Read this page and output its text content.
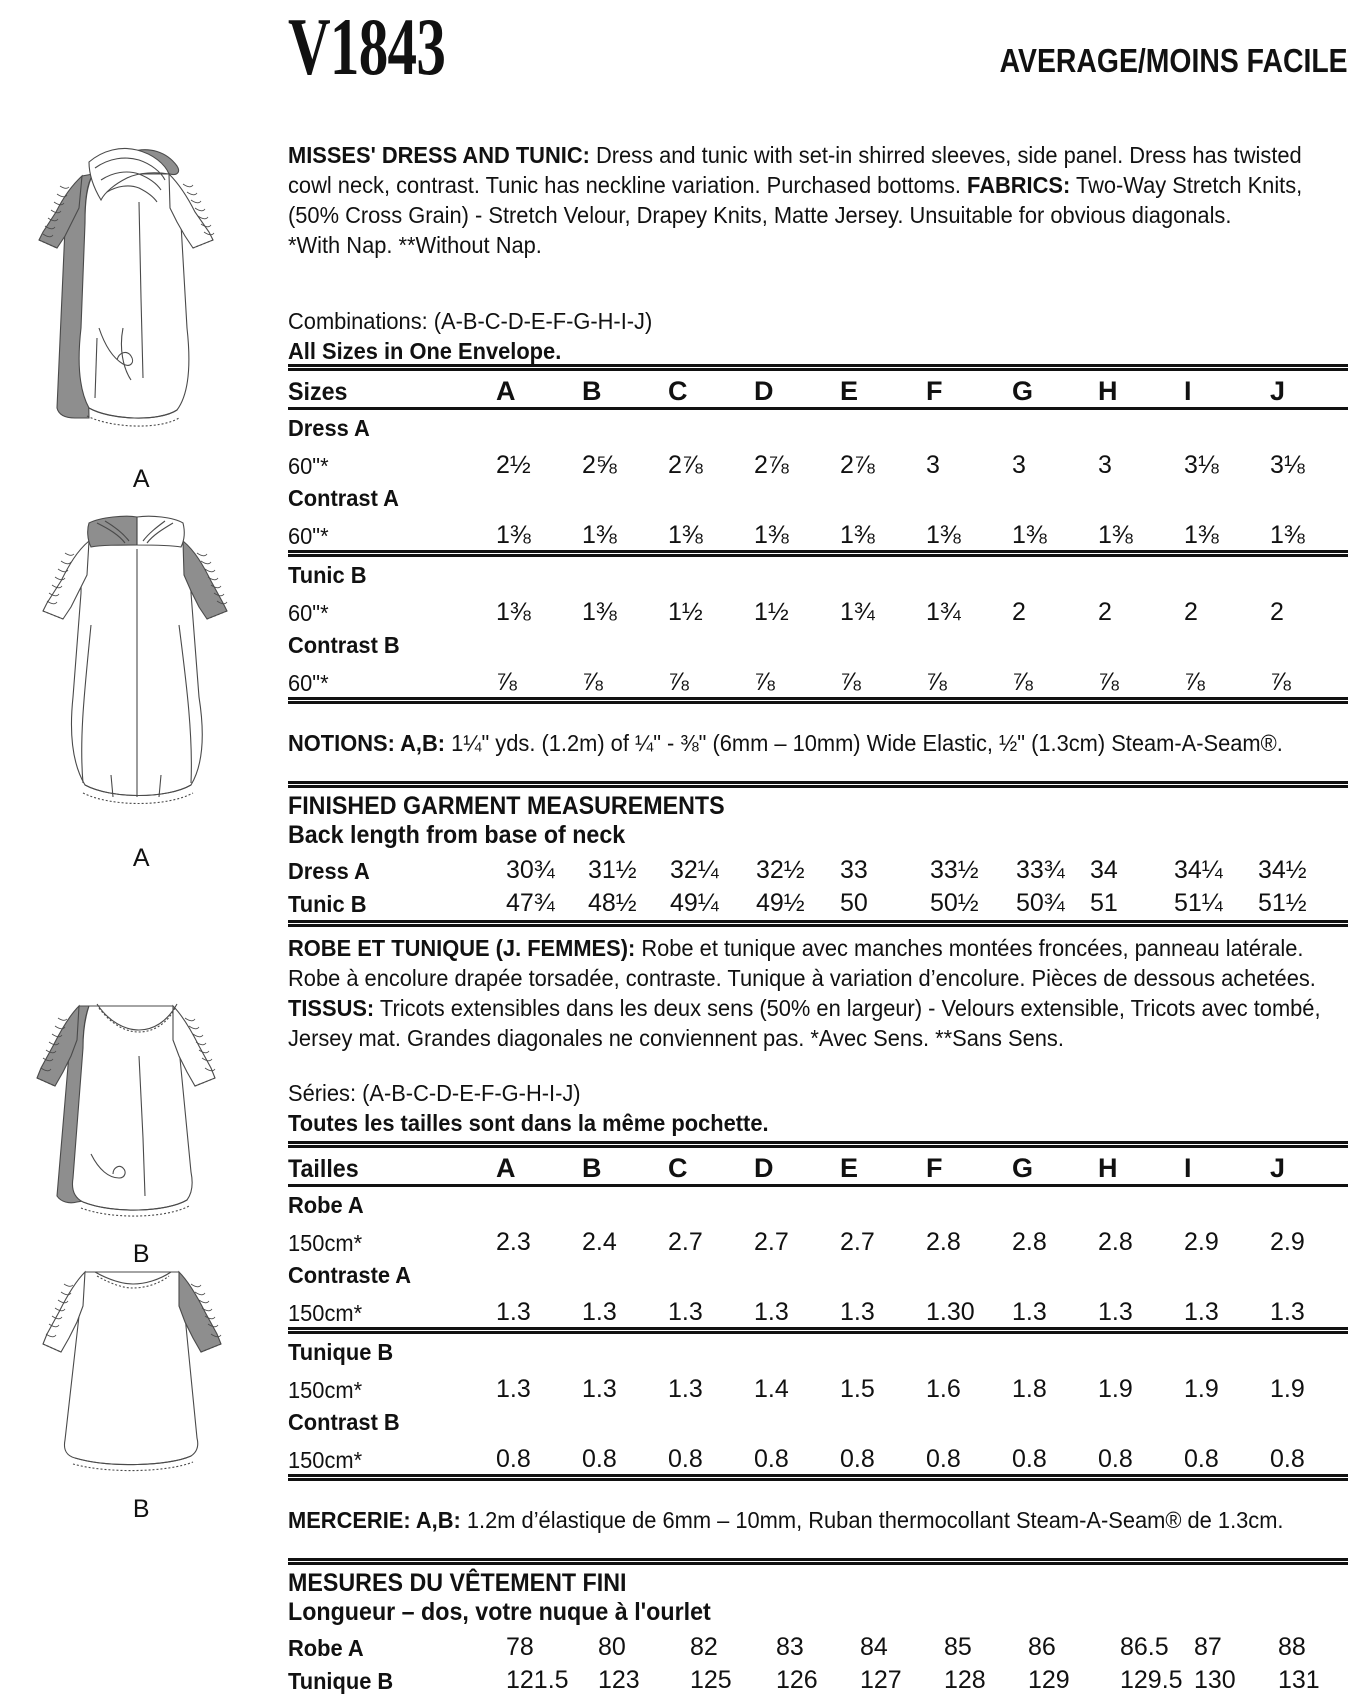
A
A
B
B
V1843	AVERAGE/MOINS FACILE

MISSES' DRESS AND TUNIC: Dress and tunic with set-in shirred sleeves, side panel. Dress has twisted cowl neck, contrast. Tunic has neckline variation. Purchased bottoms. FABRICS: Two-Way Stretch Knits, (50% Cross Grain) - Stretch Velour, Drapey Knits, Matte Jersey. Unsuitable for obvious diagonals.

*With Nap. **Without Nap.

Combinations: (A-B-C-D-E-F-G-H-I-J)
All Sizes in One Envelope.
Sizes	A	B	C	D	E	F	G	H	I	J
Dress A										

60"*	2½	2⅝	2⅞	2⅞	2⅞	3	3	3	3⅛	3⅛

Contrast A										

60"*	1⅜	1⅜	1⅜	1⅜	1⅜	1⅜	1⅜	1⅜	1⅜	1⅜
Tunic B										

60"*	1⅜	1⅜	1½	1½	1¾	1¾	2	2	2	2

Contrast B										

60"*	⅞	⅞	⅞	⅞	⅞	⅞	⅞	⅞	⅞	⅞

NOTIONS: A,B: 1¼" yds. (1.2m) of ¼" - ⅜" (6mm – 10mm) Wide Elastic, ½" (1.3cm) Steam-A-Seam®.

FINISHED GARMENT MEASUREMENTS
Back length from base of neck
Dress A	30¾	31½	32¼	32½	33	33½	33¾	34	34¼	34½

Tunic B	47¾	48½	49¼	49½	50	50½	50¾	51	51¼	51½

ROBE ET TUNIQUE (J. FEMMES): Robe et tunique avec manches montées froncées, panneau latérale. Robe à encolure drapée torsadée, contraste. Tunique à variation d’encolure. Pièces de dessous achetées. TISSUS: Tricots extensibles dans les deux sens (50% en largeur) - Velours extensible, Tricots avec tombé, Jersey mat. Grandes diagonales ne conviennent pas. *Avec Sens. **Sans Sens.

Séries: (A-B-C-D-E-F-G-H-I-J)
Toutes les tailles sont dans la même pochette.
Tailles	A	B	C	D	E	F	G	H	I	J
Robe A										

150cm*	2.3	2.4	2.7	2.7	2.7	2.8	2.8	2.8	2.9	2.9

Contraste A										

150cm*	1.3	1.3	1.3	1.3	1.3	1.30	1.3	1.3	1.3	1.3
Tunique B										

150cm*	1.3	1.3	1.3	1.4	1.5	1.6	1.8	1.9	1.9	1.9

Contrast B										

150cm*	0.8	0.8	0.8	0.8	0.8	0.8	0.8	0.8	0.8	0.8

MERCERIE: A,B: 1.2m d’élastique de 6mm – 10mm, Ruban thermocollant Steam-A-Seam® de 1.3cm.

MESURES DU VÊTEMENT FINI
Longueur – dos, votre nuque à l'ourlet
Robe A	78	80	82	83	84	85	86	86.5	87	88

Tunique B	121.5	123	125	126	127	128	129	129.5	130	131
